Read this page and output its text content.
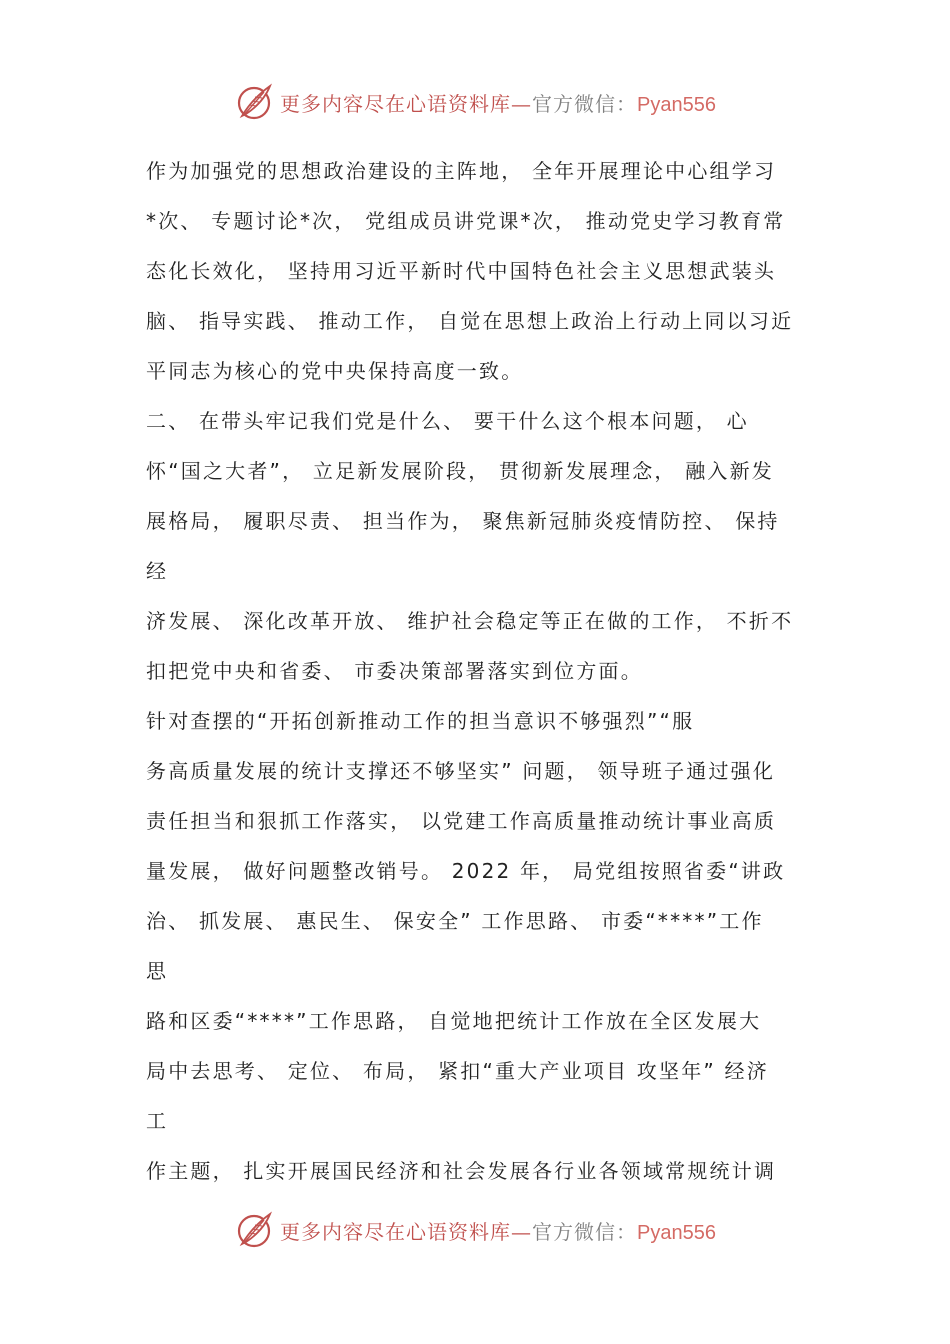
更多内容尽在心语资料库—官方微信：Pyan556
作为加强党的思想政治建设的主阵地， 全年开展理论中心组学习
*次、 专题讨论*次， 党组成员讲党课*次， 推动党史学习教育常
态化长效化， 坚持用习近平新时代中国特色社会主义思想武装头
脑、 指导实践、 推动工作， 自觉在思想上政治上行动上同以习近
平同志为核心的党中央保持高度一致。
二、 在带头牢记我们党是什么、 要干什么这个根本问题， 心
怀“国之大者”， 立足新发展阶段， 贯彻新发展理念， 融入新发
展格局， 履职尽责、 担当作为， 聚焦新冠肺炎疫情防控、 保持
经
济发展、 深化改革开放、 维护社会稳定等正在做的工作， 不折不
扣把党中央和省委、 市委决策部署落实到位方面。
针对查摆的“开拓创新推动工作的担当意识不够强烈”“服
务高质量发展的统计支撑还不够坚实” 问题， 领导班子通过强化
责任担当和狠抓工作落实， 以党建工作高质量推动统计事业高质
量发展， 做好问题整改销号。 2022 年， 局党组按照省委“讲政
治、 抓发展、 惠民生、 保安全” 工作思路、 市委“****”工作
思
路和区委“****”工作思路， 自觉地把统计工作放在全区发展大
局中去思考、 定位、 布局， 紧扣“重大产业项目 攻坚年” 经济
工
作主题， 扎实开展国民经济和社会发展各行业各领域常规统计调
更多内容尽在心语资料库—官方微信：Pyan556
